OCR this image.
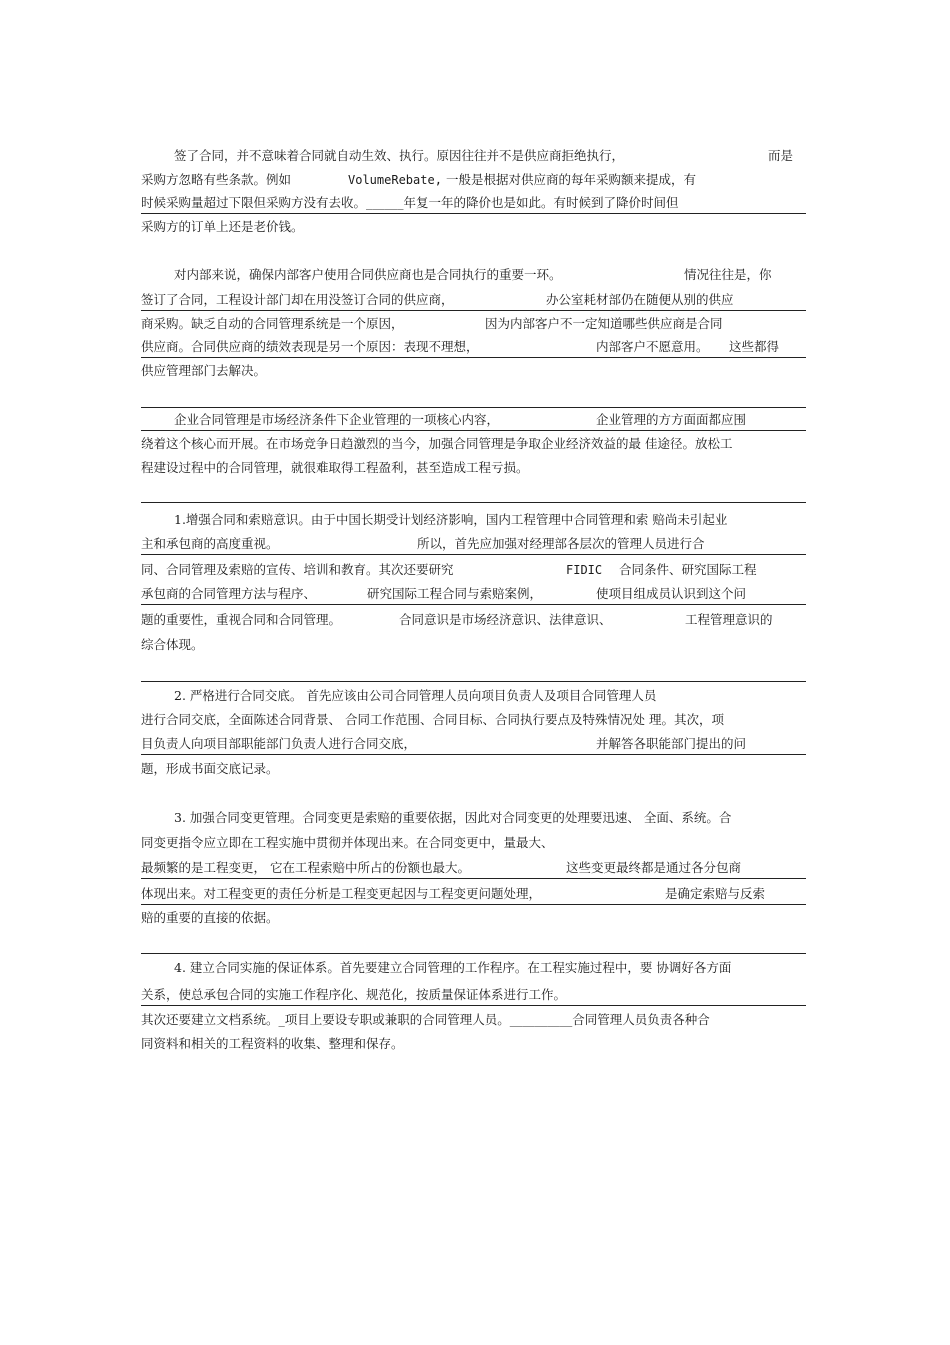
签了合同，并不意味着合同就自动生效、执行。原因往往并不是供应商拒绝执行，	而是
采购方忽略有些条款。例如	VolumeRebate, 一般是根据对供应商的每年采购额来提成，有
时候采购量超过下限但采购方没有去收。______年复一年的降价也是如此。有时候到了降价时间但
采购方的订单上还是老价钱。
对内部来说，确保内部客户使用合同供应商也是合同执行的重要一环。	情况往往是，你
签订了合同，工程设计部门却在用没签订合同的供应商，	办公室耗材部仍在随便从别的供应
商采购。缺乏自动的合同管理系统是一个原因，	因为内部客户不一定知道哪些供应商是合同
供应商。合同供应商的绩效表现是另一个原因：表现不理想，	内部客户不愿意用。 这些都得
供应管理部门去解决。
企业合同管理是市场经济条件下企业管理的一项核心内容，	企业管理的方方面面都应围
绕着这个核心而开展。在市场竞争日趋激烈的当今，加强合同管理是争取企业经济效益的最 佳途径。放松工
程建设过程中的合同管理，就很难取得工程盈利，甚至造成工程亏损。
1.增强合同和索赔意识。由于中国长期受计划经济影响，国内工程管理中合同管理和索 赔尚未引起业
主和承包商的高度重视。	所以，首先应加强对经理部各层次的管理人员进行合
同、合同管理及索赔的宣传、培训和教育。其次还要研究	FIDIC 合同条件、研究国际工程
承包商的合同管理方法与程序、	研究国际工程合同与索赔案例，	使项目组成员认识到这个问
题的重要性，重视合同和合同管理。	合同意识是市场经济意识、法律意识、	工程管理意识的
综合体现。
2. 严格进行合同交底。 首先应该由公司合同管理人员向项目负责人及项目合同管理人员
进行合同交底，全面陈述合同背景、 合同工作范围、合同目标、合同执行要点及特殊情况处 理。其次，项
目负责人向项目部职能部门负责人进行合同交底，	并解答各职能部门提出的问
题，形成书面交底记录。
3. 加强合同变更管理。合同变更是索赔的重要依据，因此对合同变更的处理要迅速、 全面、系统。合
同变更指令应立即在工程实施中贯彻并体现出来。在合同变更中，量最大、
最频繁的是工程变更， 它在工程索赔中所占的份额也最大。	这些变更最终都是通过各分包商
体现出来。对工程变更的责任分析是工程变更起因与工程变更问题处理，	是确定索赔与反索
赔的重要的直接的依据。
4. 建立合同实施的保证体系。首先要建立合同管理的工作程序。在工程实施过程中，要 协调好各方面
关系，使总承包合同的实施工作程序化、规范化，按质量保证体系进行工作。
其次还要建立文档系统。_项目上要设专职或兼职的合同管理人员。__________合同管理人员负责各种合
同资料和相关的工程资料的收集、整理和保存。
